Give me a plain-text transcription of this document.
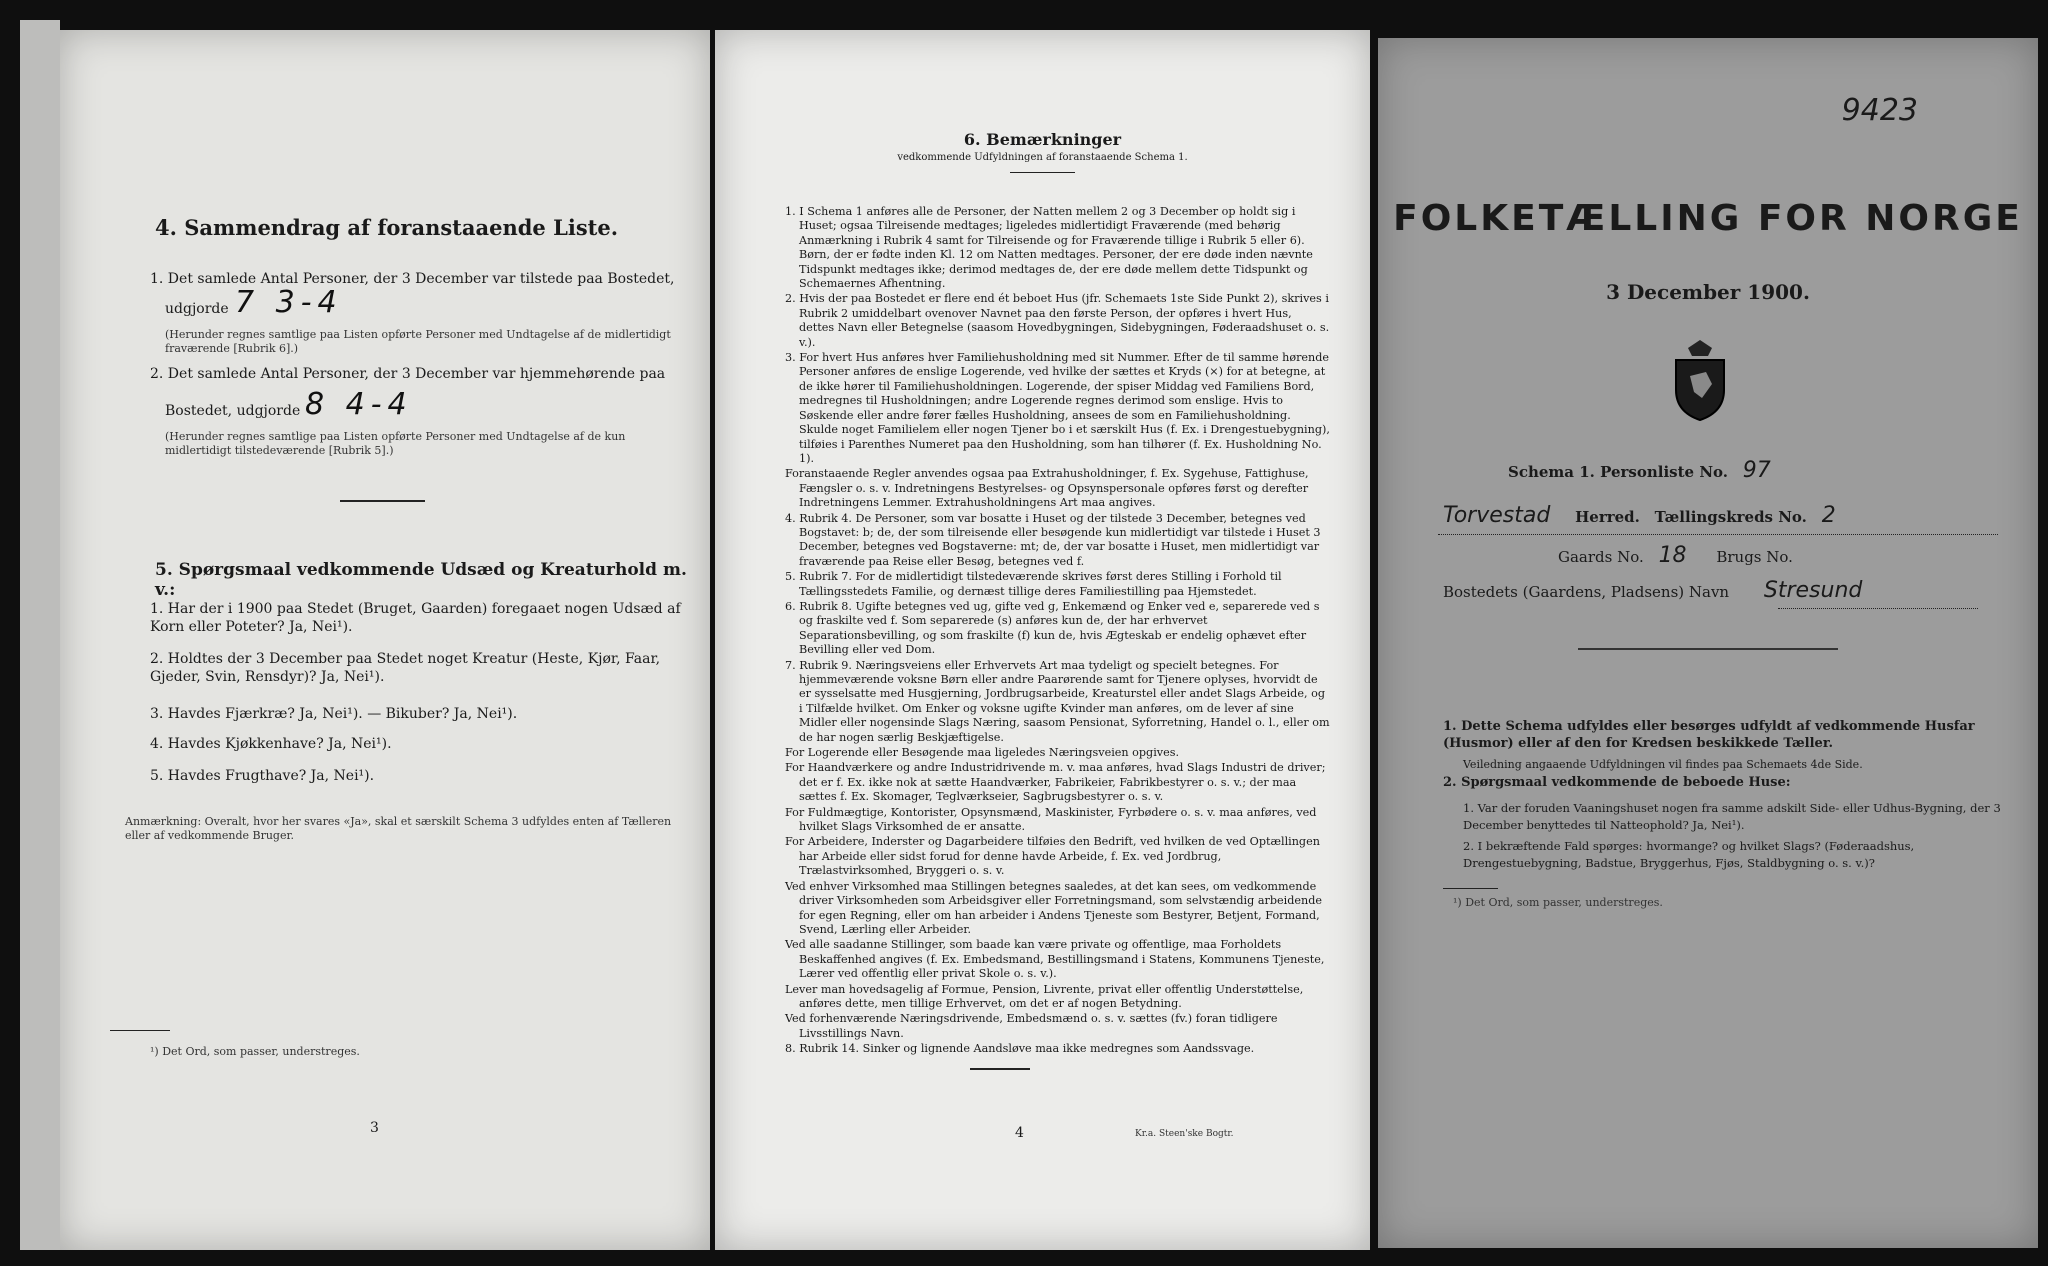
4. Sammendrag af foranstaaende Liste.
1. Det samlede Antal Personer, der 3 December var tilstede paa Bostedet,
udgjorde 7 3-4
(Herunder regnes samtlige paa Listen opførte Personer med Undtagelse af de midlertidigt fraværende [Rubrik 6].)
2. Det samlede Antal Personer, der 3 December var hjemmehørende paa
Bostedet, udgjorde 8 4-4
(Herunder regnes samtlige paa Listen opførte Personer med Undtagelse af de kun midlertidigt tilstedeværende [Rubrik 5].)
5. Spørgsmaal vedkommende Udsæd og Kreaturhold m. v.:
1. Har der i 1900 paa Stedet (Bruget, Gaarden) foregaaet nogen Udsæd af Korn eller Poteter? Ja, Nei¹).
2. Holdtes der 3 December paa Stedet noget Kreatur (Heste, Kjør, Faar, Gjeder, Svin, Rensdyr)? Ja, Nei¹).
3. Havdes Fjærkræ? Ja, Nei¹). — Bikuber? Ja, Nei¹).
4. Havdes Kjøkkenhave? Ja, Nei¹).
5. Havdes Frugthave? Ja, Nei¹).
Anmærkning: Overalt, hvor her svares «Ja», skal et særskilt Schema 3 udfyldes enten af Tælleren eller af vedkommende Bruger.
¹) Det Ord, som passer, understreges.
3
6. Bemærkninger
vedkommende Udfyldningen af foranstaaende Schema 1.

1. I Schema 1 anføres alle de Personer, der Natten mellem 2 og 3 December op holdt sig i Huset; ogsaa Tilreisende medtages; ligeledes midlertidigt Fraværende (med behørig Anmærkning i Rubrik 4 samt for Tilreisende og for Fraværende tillige i Rubrik 5 eller 6). Børn, der er fødte inden Kl. 12 om Natten medtages. Personer, der ere døde inden nævnte Tidspunkt medtages ikke; derimod medtages de, der ere døde mellem dette Tidspunkt og Schemaernes Afhentning.

2. Hvis der paa Bostedet er flere end ét beboet Hus (jfr. Schemaets 1ste Side Punkt 2), skrives i Rubrik 2 umiddelbart ovenover Navnet paa den første Person, der opføres i hvert Hus, dettes Navn eller Betegnelse (saasom Hovedbygningen, Sidebygningen, Føderaadshuset o. s. v.).

3. For hvert Hus anføres hver Familiehusholdning med sit Nummer. Efter de til samme hørende Personer anføres de enslige Logerende, ved hvilke der sættes et Kryds (×) for at betegne, at de ikke hører til Familiehusholdningen. Logerende, der spiser Middag ved Familiens Bord, medregnes til Husholdningen; andre Logerende regnes derimod som enslige. Hvis to Søskende eller andre fører fælles Husholdning, ansees de som en Familiehusholdning. Skulde noget Familielem eller nogen Tjener bo i et særskilt Hus (f. Ex. i Drengestuebygning), tilføies i Parenthes Numeret paa den Husholdning, som han tilhører (f. Ex. Husholdning No. 1).

Foranstaaende Regler anvendes ogsaa paa Extrahusholdninger, f. Ex. Sygehuse, Fattighuse, Fængsler o. s. v. Indretningens Bestyrelses- og Opsynspersonale opføres først og derefter Indretningens Lemmer. Extrahusholdningens Art maa angives.

4. Rubrik 4. De Personer, som var bosatte i Huset og der tilstede 3 December, betegnes ved Bogstavet: b; de, der som tilreisende eller besøgende kun midlertidigt var tilstede i Huset 3 December, betegnes ved Bogstaverne: mt; de, der var bosatte i Huset, men midlertidigt var fraværende paa Reise eller Besøg, betegnes ved f.

5. Rubrik 7. For de midlertidigt tilstedeværende skrives først deres Stilling i Forhold til Tællingsstedets Familie, og dernæst tillige deres Familiestilling paa Hjemstedet.

6. Rubrik 8. Ugifte betegnes ved ug, gifte ved g, Enkemænd og Enker ved e, separerede ved s og fraskilte ved f. Som separerede (s) anføres kun de, der har erhvervet Separationsbevilling, og som fraskilte (f) kun de, hvis Ægteskab er endelig ophævet efter Bevilling eller ved Dom.

7. Rubrik 9. Næringsveiens eller Erhvervets Art maa tydeligt og specielt betegnes. For hjemmeværende voksne Børn eller andre Paarørende samt for Tjenere oplyses, hvorvidt de er sysselsatte med Husgjerning, Jordbrugsarbeide, Kreaturstel eller andet Slags Arbeide, og i Tilfælde hvilket. Om Enker og voksne ugifte Kvinder man anføres, om de lever af sine Midler eller nogensinde Slags Næring, saasom Pensionat, Syforretning, Handel o. l., eller om de har nogen særlig Beskjæftigelse.

For Logerende eller Besøgende maa ligeledes Næringsveien opgives.

For Haandværkere og andre Industridrivende m. v. maa anføres, hvad Slags Industri de driver; det er f. Ex. ikke nok at sætte Haandværker, Fabrikeier, Fabrikbestyrer o. s. v.; der maa sættes f. Ex. Skomager, Teglværkseier, Sagbrugsbestyrer o. s. v.

For Fuldmægtige, Kontorister, Opsynsmænd, Maskinister, Fyrbødere o. s. v. maa anføres, ved hvilket Slags Virksomhed de er ansatte.

For Arbeidere, Inderster og Dagarbeidere tilføies den Bedrift, ved hvilken de ved Optællingen har Arbeide eller sidst forud for denne havde Arbeide, f. Ex. ved Jordbrug, Trælastvirksomhed, Bryggeri o. s. v.

Ved enhver Virksomhed maa Stillingen betegnes saaledes, at det kan sees, om vedkommende driver Virksomheden som Arbeidsgiver eller Forretningsmand, som selvstændig arbeidende for egen Regning, eller om han arbeider i Andens Tjeneste som Bestyrer, Betjent, Formand, Svend, Lærling eller Arbeider.

Ved alle saadanne Stillinger, som baade kan være private og offentlige, maa Forholdets Beskaffenhed angives (f. Ex. Embedsmand, Bestillingsmand i Statens, Kommunens Tjeneste, Lærer ved offentlig eller privat Skole o. s. v.).

Lever man hovedsagelig af Formue, Pension, Livrente, privat eller offentlig Understøttelse, anføres dette, men tillige Erhvervet, om det er af nogen Betydning.

Ved forhenværende Næringsdrivende, Embedsmænd o. s. v. sættes (fv.) foran tidligere Livsstillings Navn.

8. Rubrik 14. Sinker og lignende Aandsløve maa ikke medregnes som Aandssvage.

4	Kr.a. Steen'ske Bogtr.
9423
FOLKETÆLLING FOR NORGE
3 December 1900.
Schema 1. Personliste No. 97
Torvestad Herred. Tællingskreds No. 2
Gaards No. 18 Brugs No.
Bostedets (Gaardens, Pladsens) Navn Stresund
1. Dette Schema udfyldes eller besørges udfyldt af vedkommende Husfar (Husmor) eller af den for Kredsen beskikkede Tæller.
Veiledning angaaende Udfyldningen vil findes paa Schemaets 4de Side.
2. Spørgsmaal vedkommende de beboede Huse:
1. Var der foruden Vaaningshuset nogen fra samme adskilt Side- eller Udhus-Bygning, der 3 December benyttedes til Natteophold? Ja, Nei¹).
2. I bekræftende Fald spørges: hvormange? og hvilket Slags? (Føderaadshus, Drengestuebygning, Badstue, Bryggerhus, Fjøs, Staldbygning o. s. v.)?
¹) Det Ord, som passer, understreges.
